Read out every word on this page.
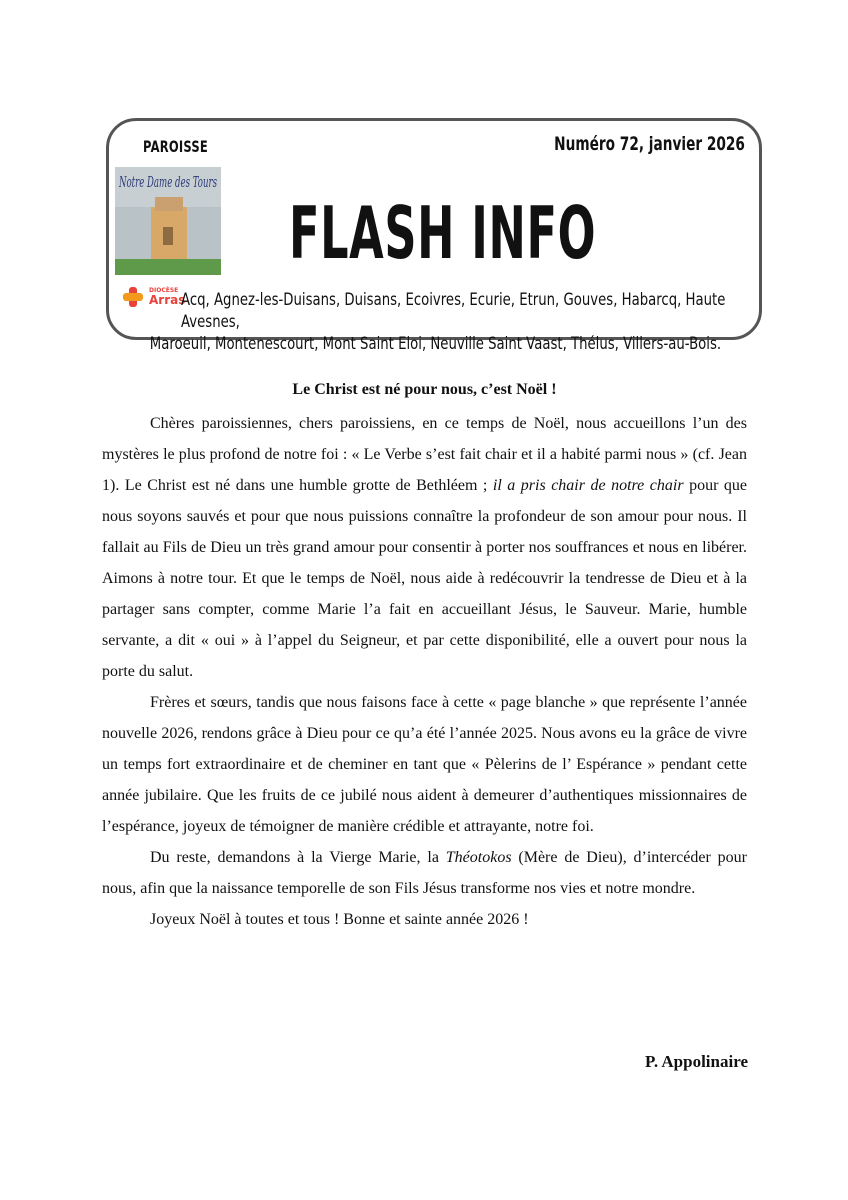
PAROISSE	Numéro 72, janvier 2026
Notre Dame des Tours
FLASH INFO
DIOCÈSE
Arras
Acq, Agnez-les-Duisans, Duisans, Ecoivres, Ecurie, Etrun, Gouves, Habarcq, Haute Avesnes,

Maroeuil, Montenescourt, Mont Saint Eloi, Neuville Saint Vaast, Thélus, Villers-au-Bois.

Le Christ est né pour nous, c’est Noël !

Chères paroissiennes, chers paroissiens, en ce temps de Noël, nous accueillons l’un des mystères le plus profond de notre foi : « Le Verbe s’est fait chair et il a habité parmi nous » (cf. Jean 1). Le Christ est né dans une humble grotte de Bethléem ; il a pris chair de notre chair pour que nous soyons sauvés et pour que nous puissions connaître la profondeur de son amour pour nous. Il fallait au Fils de Dieu un très grand amour pour consentir à porter nos souffrances et nous en libérer. Aimons à notre tour. Et que le temps de Noël, nous aide à redécouvrir la tendresse de Dieu et à la partager sans compter, comme Marie l’a fait en accueillant Jésus, le Sauveur. Marie, humble servante, a dit « oui » à l’appel du Seigneur, et par cette disponibilité, elle a ouvert pour nous la porte du salut.

Frères et sœurs, tandis que nous faisons face à cette « page blanche » que représente l’année nouvelle 2026, rendons grâce à Dieu pour ce qu’a été l’année 2025. Nous avons eu la grâce de vivre un temps fort extraordinaire et de cheminer en tant que « Pèlerins de l’ Espérance » pendant cette année jubilaire. Que les fruits de ce jubilé nous aident à demeurer d’authentiques missionnaires de l’espérance, joyeux de témoigner de manière crédible et attrayante, notre foi.

Du reste, demandons à la Vierge Marie, la Théotokos (Mère de Dieu), d’intercéder pour nous, afin que la naissance temporelle de son Fils Jésus transforme nos vies et notre mondre.

Joyeux Noël à toutes et tous ! Bonne et sainte année 2026 !

P. Appolinaire
